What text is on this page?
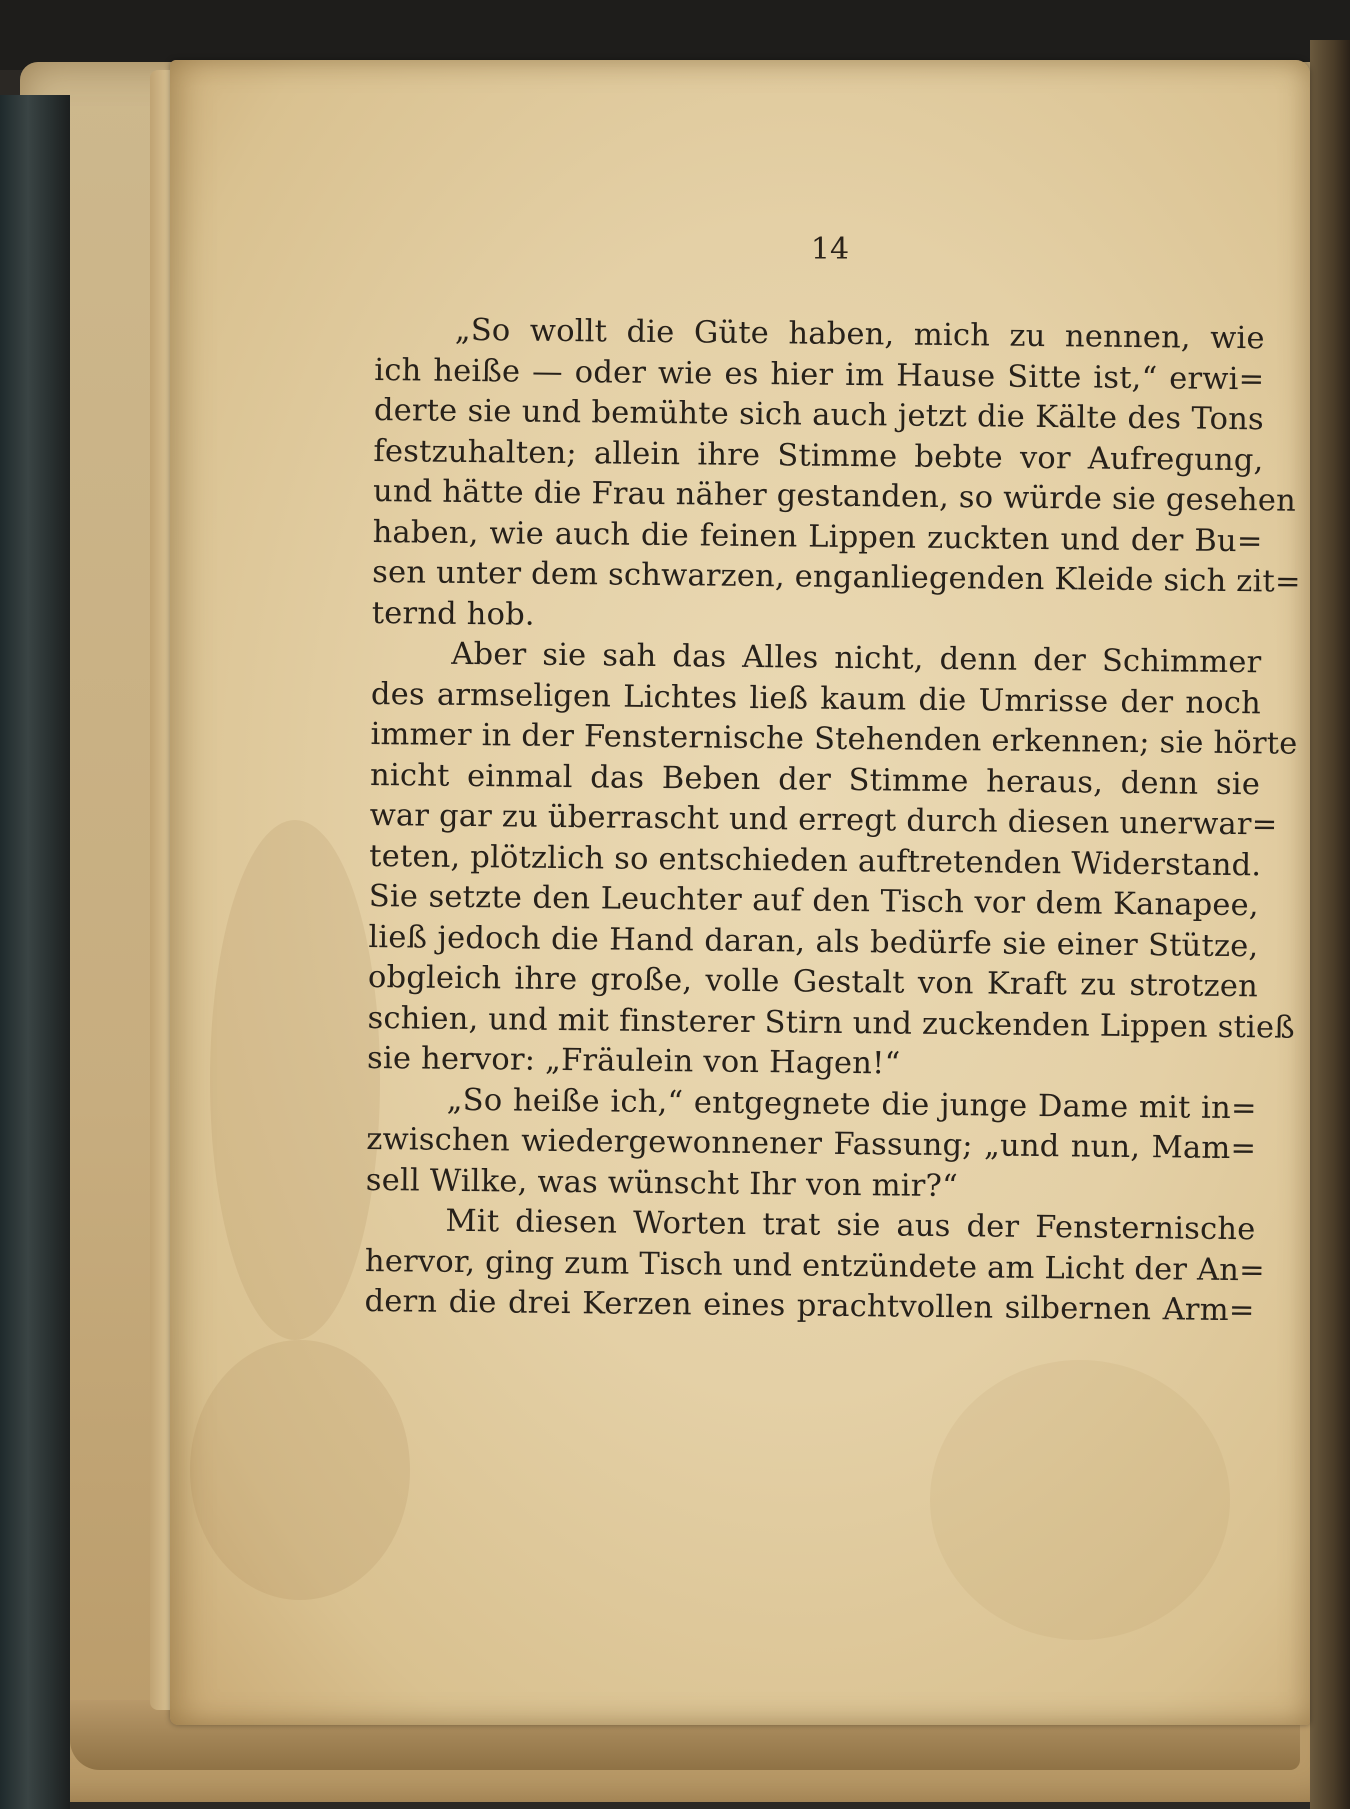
14
„So wollt die Güte haben, mich zu nennen, wie
ich heiße — oder wie es hier im Hause Sitte ist,“ erwi=
derte sie und bemühte sich auch jetzt die Kälte des Tons
festzuhalten; allein ihre Stimme bebte vor Aufregung,
und hätte die Frau näher gestanden, so würde sie gesehen
haben, wie auch die feinen Lippen zuckten und der Bu=
sen unter dem schwarzen, enganliegenden Kleide sich zit=
ternd hob.
Aber sie sah das Alles nicht, denn der Schimmer
des armseligen Lichtes ließ kaum die Umrisse der noch
immer in der Fensternische Stehenden erkennen; sie hörte
nicht einmal das Beben der Stimme heraus, denn sie
war gar zu überrascht und erregt durch diesen unerwar=
teten, plötzlich so entschieden auftretenden Widerstand.
Sie setzte den Leuchter auf den Tisch vor dem Kanapee,
ließ jedoch die Hand daran, als bedürfe sie einer Stütze,
obgleich ihre große, volle Gestalt von Kraft zu strotzen
schien, und mit finsterer Stirn und zuckenden Lippen stieß
sie hervor: „Fräulein von Hagen!“
„So heiße ich,“ entgegnete die junge Dame mit in=
zwischen wiedergewonnener Fassung; „und nun, Mam=
sell Wilke, was wünscht Ihr von mir?“
Mit diesen Worten trat sie aus der Fensternische
hervor, ging zum Tisch und entzündete am Licht der An=
dern die drei Kerzen eines prachtvollen silbernen Arm=
